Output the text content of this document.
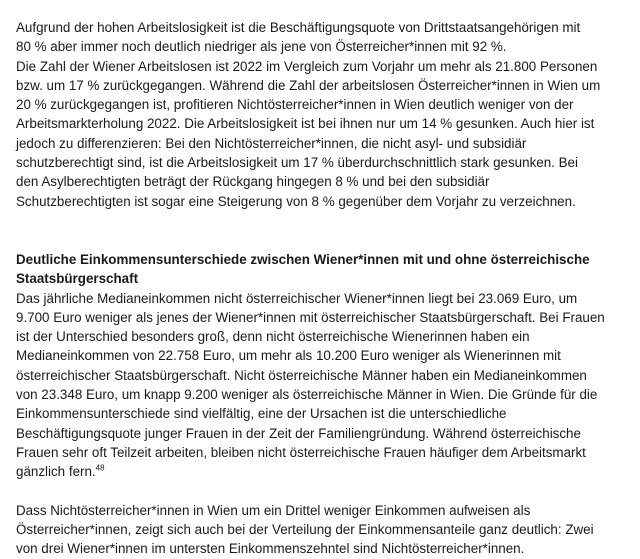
Aufgrund der hohen Arbeitslosigkeit ist die Beschäftigungsquote von Drittstaatsangehörigen mit
80 % aber immer noch deutlich niedriger als jene von Österreicher*innen mit 92 %.
Die Zahl der Wiener Arbeitslosen ist 2022 im Vergleich zum Vorjahr um mehr als 21.800 Personen
bzw. um 17 % zurückgegangen. Während die Zahl der arbeitslosen Österreicher*innen in Wien um
20 % zurückgegangen ist, profitieren Nichtösterreicher*innen in Wien deutlich weniger von der
Arbeitsmarkterholung 2022. Die Arbeitslosigkeit ist bei ihnen nur um 14 % gesunken. Auch hier ist
jedoch zu differenzieren: Bei den Nichtösterreicher*innen, die nicht asyl- und subsidiär
schutzberechtigt sind, ist die Arbeitslosigkeit um 17 % überdurchschnittlich stark gesunken. Bei
den Asylberechtigten beträgt der Rückgang hingegen 8 % und bei den subsidiär
Schutzberechtigten ist sogar eine Steigerung von 8 % gegenüber dem Vorjahr zu verzeichnen.

Deutliche Einkommensunterschiede zwischen Wiener*innen mit und ohne österreichische
Staatsbürgerschaft

Das jährliche Medianeinkommen nicht österreichischer Wiener*innen liegt bei 23.069 Euro, um
9.700 Euro weniger als jenes der Wiener*innen mit österreichischer Staatsbürgerschaft. Bei Frauen
ist der Unterschied besonders groß, denn nicht österreichische Wienerinnen haben ein
Medianeinkommen von 22.758 Euro, um mehr als 10.200 Euro weniger als Wienerinnen mit
österreichischer Staatsbürgerschaft. Nicht österreichische Männer haben ein Medianeinkommen
von 23.348 Euro, um knapp 9.200 weniger als österreichische Männer in Wien. Die Gründe für die
Einkommensunterschiede sind vielfältig, eine der Ursachen ist die unterschiedliche
Beschäftigungsquote junger Frauen in der Zeit der Familiengründung. Während österreichische
Frauen sehr oft Teilzeit arbeiten, bleiben nicht österreichische Frauen häufiger dem Arbeitsmarkt
gänzlich fern.$^{48}$

Dass Nichtösterreicher*innen in Wien um ein Drittel weniger Einkommen aufweisen als
Österreicher*innen, zeigt sich auch bei der Verteilung der Einkommensanteile ganz deutlich: Zwei
von drei Wiener*innen im untersten Einkommenszehntel sind Nichtösterreicher*innen.
